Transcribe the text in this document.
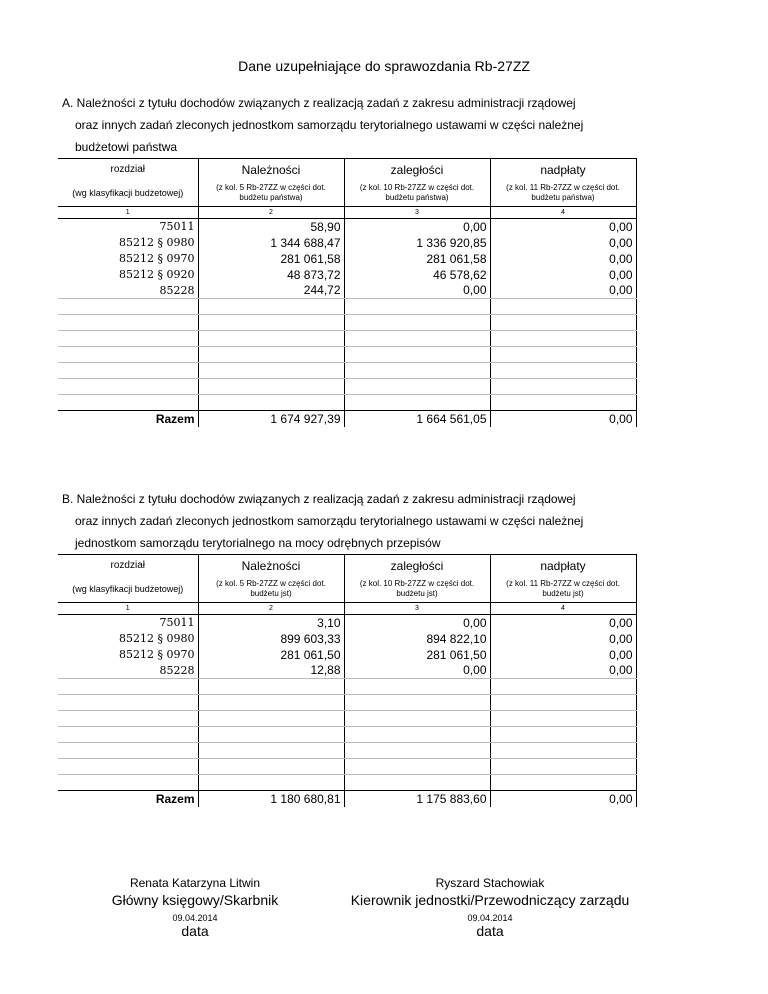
Dane uzupełniające do sprawozdania Rb-27ZZ
A. Należności z tytułu dochodów związanych z realizacją zadań z zakresu administracji rządowej
oraz innych zadań zleconych jednostkom samorządu terytorialnego ustawami w części należnej
budżetowi państwa
rozdział	Należności	zaległości	nadpłaty
(wg klasyfikacji budżetowej)	(z kol. 5 Rb-27ZZ w części dot. budżetu państwa)	(z kol. 10 Rb-27ZZ w części dot. budżetu państwa)	(z kol. 11 Rb-27ZZ w części dot. budżetu państwa)
1	2	3	4
75011	58,90	0,00	0,00
85212 § 0980	1 344 688,47	1 336 920,85	0,00
85212 § 0970	281 061,58	281 061,58	0,00
85212 § 0920	48 873,72	46 578,62	0,00
85228	244,72	0,00	0,00

Razem	1 674 927,39	1 664 561,05	0,00
B. Należności z tytułu dochodów związanych z realizacją zadań z zakresu administracji rządowej
oraz innych zadań zleconych jednostkom samorządu terytorialnego ustawami w części należnej
jednostkom samorządu terytorialnego na mocy odrębnych przepisów
rozdział	Należności	zaległości	nadpłaty
(wg klasyfikacji budżetowej)	(z kol. 5 Rb-27ZZ w części dot. budżetu jst)	(z kol. 10 Rb-27ZZ w części dot. budżetu jst)	(z kol. 11 Rb-27ZZ w części dot. budżetu jst)
1	2	3	4
75011	3,10	0,00	0,00
85212 § 0980	899 603,33	894 822,10	0,00
85212 § 0970	281 061,50	281 061,50	0,00
85228	12,88	0,00	0,00

Razem	1 180 680,81	1 175 883,60	0,00
Renata Katarzyna Litwin
Główny księgowy/Skarbnik
09.04.2014
data
Ryszard Stachowiak
Kierownik jednostki/Przewodniczący zarządu
09.04.2014
data
